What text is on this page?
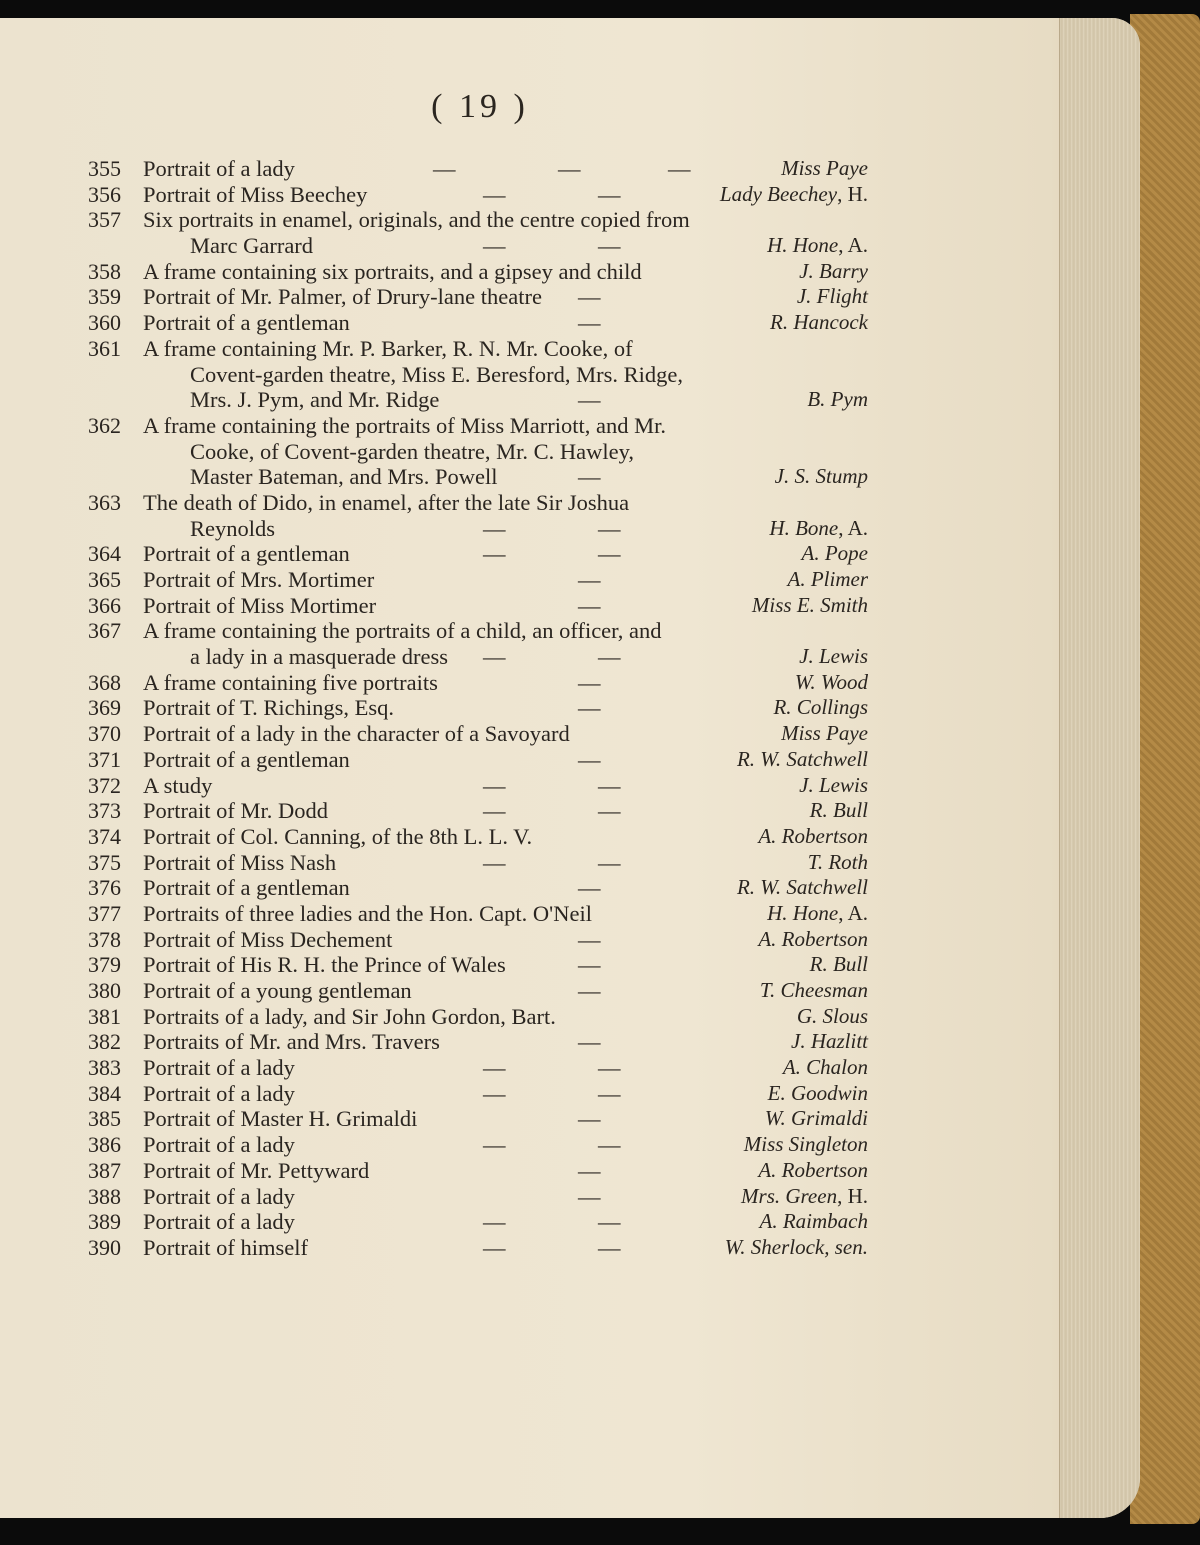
( 19 )
355 Portrait of a lady	—	—	—	Miss Paye
356 Portrait of Miss Beechey	—	—	Lady Beechey, H.
357 Six portraits in enamel, originals, and the centre copied from
Marc Garrard	—	—	H. Hone, A.
358 A frame containing six portraits, and a gipsey and child	J. Barry
359 Portrait of Mr. Palmer, of Drury-lane theatre —	J. Flight
360 Portrait of a gentleman	—	R. Hancock
361 A frame containing Mr. P. Barker, R. N. Mr. Cooke, of
Covent-garden theatre, Miss E. Beresford, Mrs. Ridge,
Mrs. J. Pym, and Mr. Ridge	—	B. Pym
362 A frame containing the portraits of Miss Marriott, and Mr.
Cooke, of Covent-garden theatre, Mr. C. Hawley,
Master Bateman, and Mrs. Powell	—	J. S. Stump
363 The death of Dido, in enamel, after the late Sir Joshua
Reynolds	—	—	H. Bone, A.
364 Portrait of a gentleman	—	—	A. Pope
365 Portrait of Mrs. Mortimer	—	A. Plimer
366 Portrait of Miss Mortimer	—	Miss E. Smith
367 A frame containing the portraits of a child, an officer, and
a lady in a masquerade dress —	—	J. Lewis
368 A frame containing five portraits	—	W. Wood
369 Portrait of T. Richings, Esq.	—	R. Collings
370 Portrait of a lady in the character of a Savoyard	Miss Paye
371 Portrait of a gentleman	—	R. W. Satchwell
372 A study	—	—	J. Lewis
373 Portrait of Mr. Dodd	—	—	R. Bull
374 Portrait of Col. Canning, of the 8th L. L. V.	A. Robertson
375 Portrait of Miss Nash	—	—	T. Roth
376 Portrait of a gentleman	—	R. W. Satchwell
377 Portraits of three ladies and the Hon. Capt. O'Neil	H. Hone, A.
378 Portrait of Miss Dechement	—	A. Robertson
379 Portrait of His R. H. the Prince of Wales	—	R. Bull
380 Portrait of a young gentleman	—	T. Cheesman
381 Portraits of a lady, and Sir John Gordon, Bart.	G. Slous
382 Portraits of Mr. and Mrs. Travers	—	J. Hazlitt
383 Portrait of a lady	—	—	A. Chalon
384 Portrait of a lady	—	—	E. Goodwin
385 Portrait of Master H. Grimaldi	—	W. Grimaldi
386 Portrait of a lady	—	—	Miss Singleton
387 Portrait of Mr. Pettyward	—	A. Robertson
388 Portrait of a lady	—	Mrs. Green, H.
389 Portrait of a lady	—	—	A. Raimbach
390 Portrait of himself	—	—	W. Sherlock, sen.
